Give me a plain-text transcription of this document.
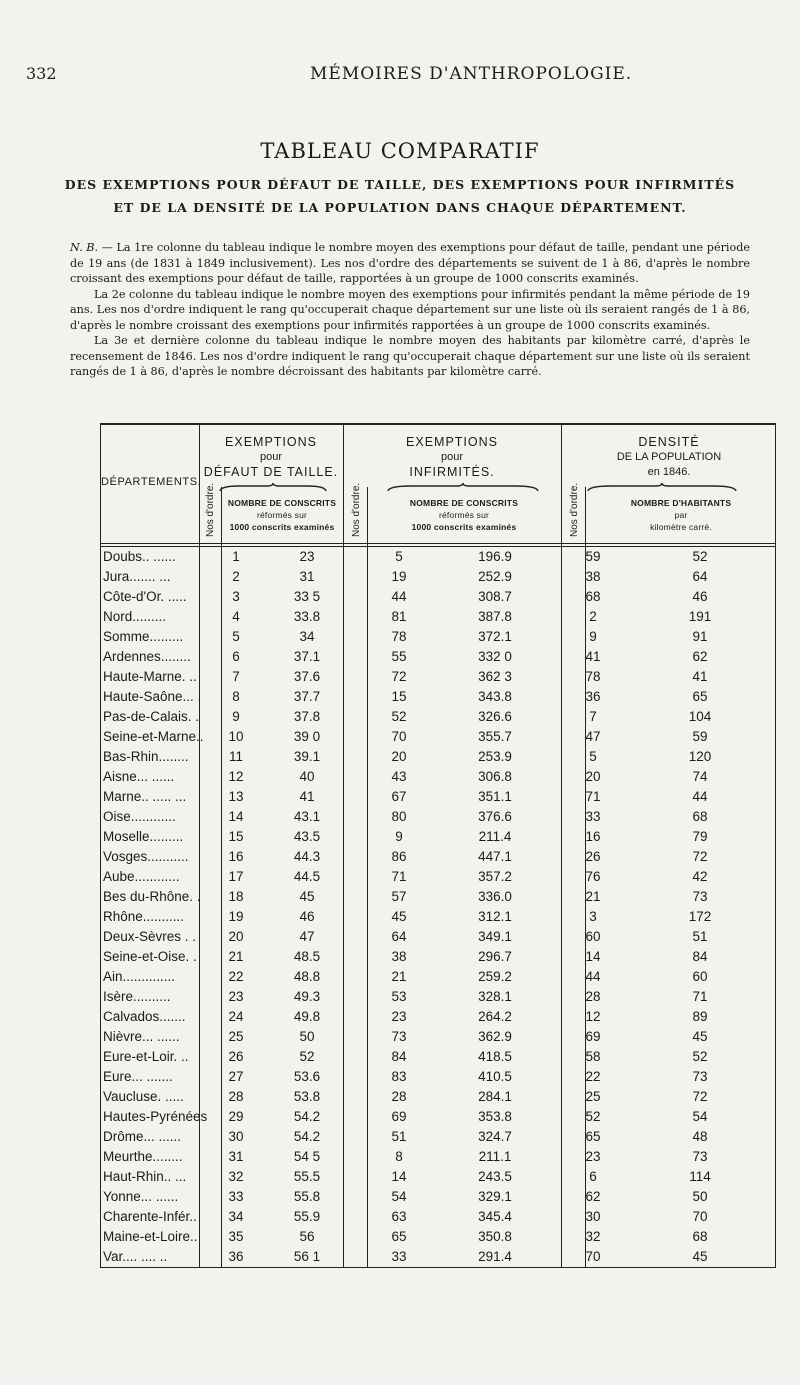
332	MÉMOIRES D'ANTHROPOLOGIE.
TABLEAU COMPARATIF
DES EXEMPTIONS POUR DÉFAUT DE TAILLE, DES EXEMPTIONS POUR INFIRMITÉS ET DE LA DENSITÉ DE LA POPULATION DANS CHAQUE DÉPARTEMENT.

N. B. — La 1re colonne du tableau indique le nombre moyen des exemptions pour défaut de taille, pendant une période de 19 ans (de 1831 à 1849 inclusivement). Les nos d'ordre des départements se suivent de 1 à 86, d'après le nombre croissant des exemptions pour défaut de taille, rapportées à un groupe de 1000 conscrits examinés.

La 2e colonne du tableau indique le nombre moyen des exemptions pour infirmités pendant la même période de 19 ans. Les nos d'ordre indiquent le rang qu'occuperait chaque département sur une liste où ils seraient rangés de 1 à 86, d'après le nombre croissant des exemptions pour infirmités rapportées à un groupe de 1000 conscrits examinés.

La 3e et dernière colonne du tableau indique le nombre moyen des habitants par kilomètre carré, d'après le recensement de 1846. Les nos d'ordre indiquent le rang qu'occuperait chaque département sur une liste où ils seraient rangés de 1 à 86, d'après le nombre décroissant des habitants par kilomètre carré.

DÉPARTEMENTS.
EXEMPTIONS
pour
DÉFAUT DE TAILLE.
EXEMPTIONS
pour
INFIRMITÉS.
DENSITÉ
DE LA POPULATION
en 1846.
Nos d'ordre.	Nos d'ordre.	Nos d'ordre.
NOMBRE DE CONSCRITS
réformés sur
1000 conscrits examinés
NOMBRE DE CONSCRITS
réformés sur
1000 conscrits examinés
NOMBRE D'HABITANTS
par
kilomètre carré.
Doubs.. ......	1	23	5	196.9	59	52
Jura....... ...	2	31	19	252.9	38	64
Côte-d'Or. .....	3	33 5	44	308.7	68	46
Nord.........	4	33.8	81	387.8	2	191
Somme.........	5	34	78	372.1	9	91
Ardennes........	6	37.1	55	332 0	41	62
Haute-Marne. ..	7	37.6	72	362 3	78	41
Haute-Saône... .	8	37.7	15	343.8	36	65
Pas-de-Calais. .	9	37.8	52	326.6	7	104
Seine-et-Marne..	10	39 0	70	355.7	47	59
Bas-Rhin........	11	39.1	20	253.9	5	120
Aisne... ......	12	40	43	306.8	20	74
Marne.. ..... ...	13	41	67	351.1	71	44
Oise............	14	43.1	80	376.6	33	68
Moselle.........	15	43.5	9	211.4	16	79
Vosges...........	16	44.3	86	447.1	26	72
Aube............	17	44.5	71	357.2	76	42
Bes du-Rhône. .	18	45	57	336.0	21	73
Rhône...........	19	46	45	312.1	3	172
Deux-Sèvres . .	20	47	64	349.1	60	51
Seine-et-Oise. .	21	48.5	38	296.7	14	84
Ain..............	22	48.8	21	259.2	44	60
Isère..........	23	49.3	53	328.1	28	71
Calvados.......	24	49.8	23	264.2	12	89
Nièvre... ......	25	50	73	362.9	69	45
Eure-et-Loir. ..	26	52	84	418.5	58	52
Eure... .......	27	53.6	83	410.5	22	73
Vaucluse. .....	28	53.8	28	284.1	25	72
Hautes-Pyrénées	29	54.2	69	353.8	52	54
Drôme... ......	30	54.2	51	324.7	65	48
Meurthe........	31	54 5	8	211.1	23	73
Haut-Rhin.. ...	32	55.5	14	243.5	6	114
Yonne... ......	33	55.8	54	329.1	62	50
Charente-Infér..	34	55.9	63	345.4	30	70
Maine-et-Loire..	35	56	65	350.8	32	68
Var.... .... ..	36	56 1	33	291.4	70	45
